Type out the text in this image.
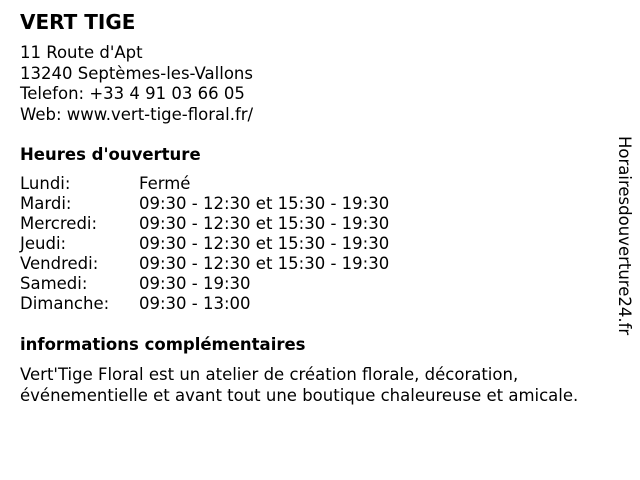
VERT TIGE
11 Route d'Apt
13240 Septèmes-les-Vallons
Telefon: +33 4 91 03 66 05
Web: www.vert-tige-floral.fr/
Heures d'ouverture
Lundi:	Fermé
Mardi:	09:30 - 12:30 et 15:30 - 19:30
Mercredi:	09:30 - 12:30 et 15:30 - 19:30
Jeudi:	09:30 - 12:30 et 15:30 - 19:30
Vendredi: 09:30 - 12:30 et 15:30 - 19:30
Samedi:	09:30 - 19:30
Dimanche: 09:30 - 13:00
informations complémentaires
Vert'Tige Floral est un atelier de création florale, décoration,
événementielle et avant tout une boutique chaleureuse et amicale.
Horairesdouverture24.fr
